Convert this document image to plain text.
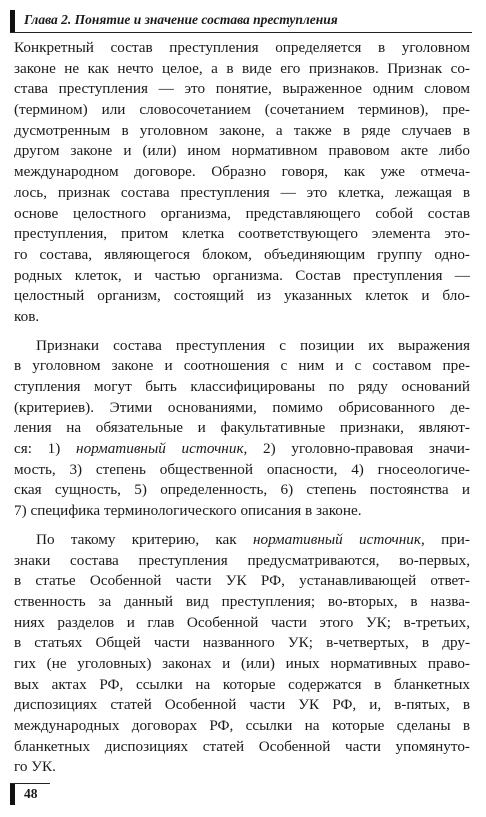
Глава 2. Понятие и значение состава преступления
Конкретный состав преступления определяется в уголовном
законе не как нечто целое, а в виде его признаков. Признак со-
става преступления — это понятие, выраженное одним словом
(термином) или словосочетанием (сочетанием терминов), пре-
дусмотренным в уголовном законе, а также в ряде случаев в
другом законе и (или) ином нормативном правовом акте либо
международном договоре. Образно говоря, как уже отмеча-
лось, признак состава преступления — это клетка, лежащая в
основе целостного организма, представляющего собой состав
преступления, притом клетка соответствующего элемента это-
го состава, являющегося блоком, объединяющим группу одно-
родных клеток, и частью организма. Состав преступления —
целостный организм, состоящий из указанных клеток и бло-
ков.
Признаки состава преступления с позиции их выражения
в уголовном законе и соотношения с ним и с составом пре-
ступления могут быть классифицированы по ряду оснований
(критериев). Этими основаниями, помимо обрисованного де-
ления на обязательные и факультативные признаки, являют-
ся: 1) нормативный источник, 2) уголовно-правовая значи-
мость, 3) степень общественной опасности, 4) гносеологиче-
ская сущность, 5) определенность, 6) степень постоянства и
7) специфика терминологического описания в законе.
По такому критерию, как нормативный источник, при-
знаки состава преступления предусматриваются, во-первых,
в статье Особенной части УК РФ, устанавливающей ответ-
ственность за данный вид преступления; во-вторых, в назва-
ниях разделов и глав Особенной части этого УК; в-третьих,
в статьях Общей части названного УК; в-четвертых, в дру-
гих (не уголовных) законах и (или) иных нормативных право-
вых актах РФ, ссылки на которые содержатся в бланкетных
диспозициях статей Особенной части УК РФ, и, в-пятых, в
международных договорах РФ, ссылки на которые сделаны в
бланкетных диспозициях статей Особенной части упомянуто-
го УК.
48
